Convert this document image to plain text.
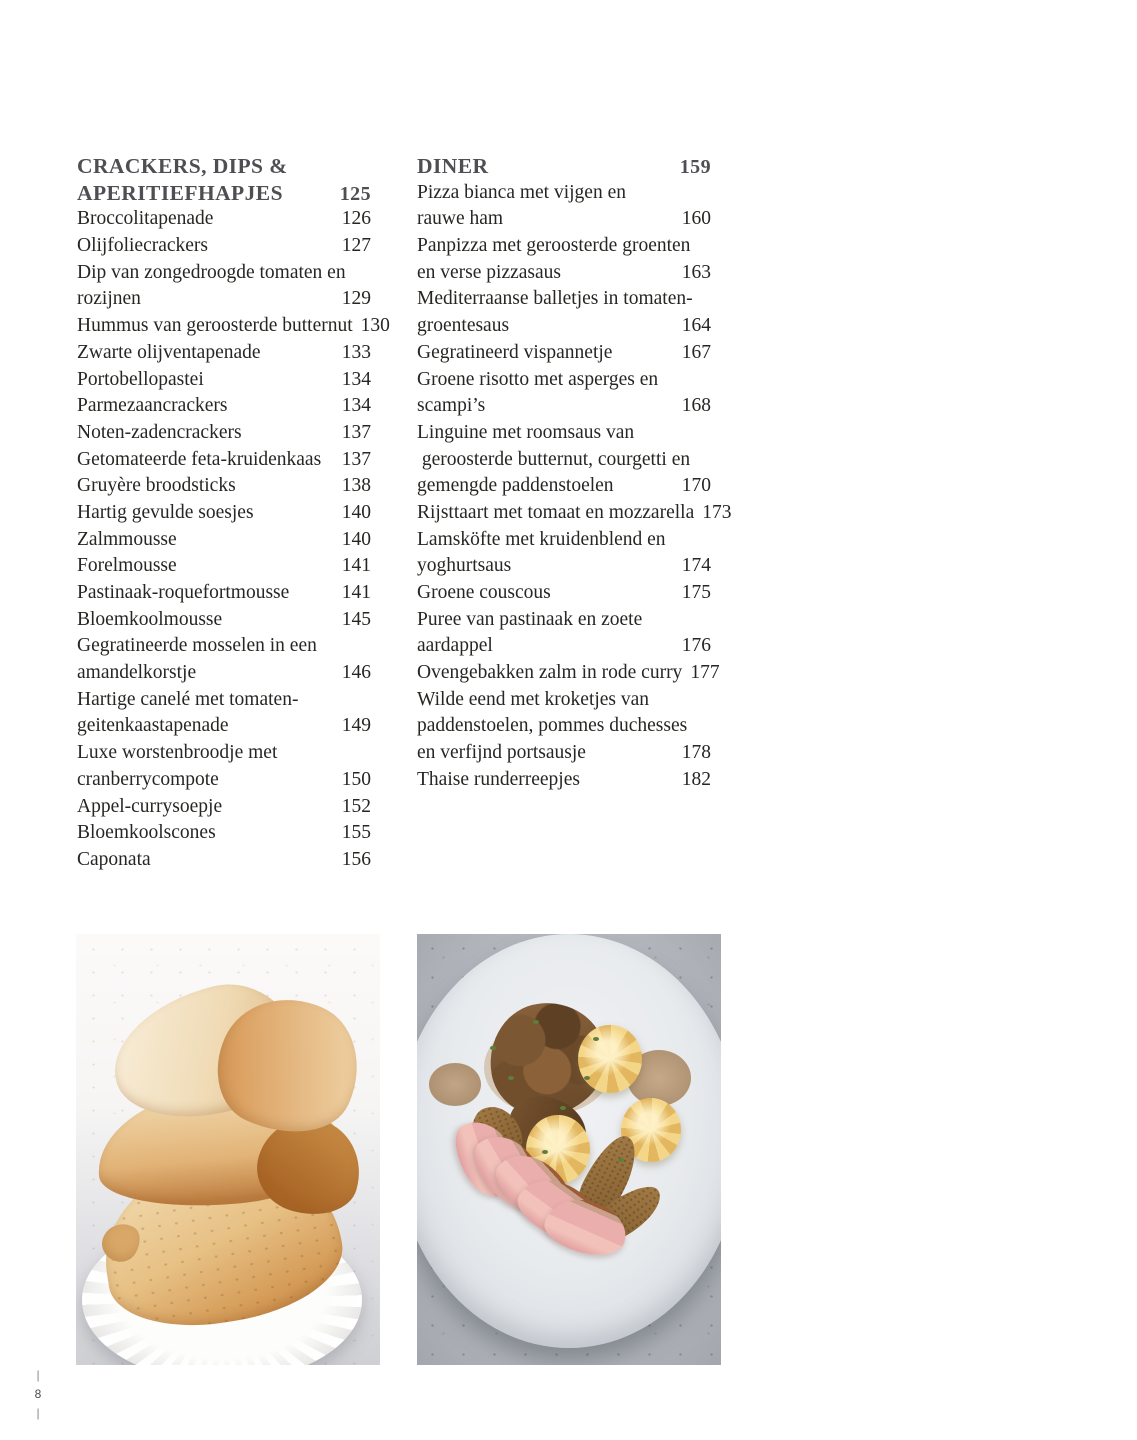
CRACKERS, DIPS &
APERITIEFHAPJES	125
Broccolitapenade	126
Olijfoliecrackers	127
Dip van zongedroogde tomaten en
rozijnen	129
Hummus van geroosterde butternut 130
Zwarte olijventapenade	133
Portobellopastei	134
Parmezaancrackers	134
Noten-zadencrackers	137
Getomateerde feta-kruidenkaas 137
Gruyère broodsticks	138
Hartig gevulde soesjes	140
Zalmmousse	140
Forelmousse	141
Pastinaak-roquefortmousse	141
Bloemkoolmousse	145
Gegratineerde mosselen in een
amandelkorstje	146
Hartige canelé met tomaten-
geitenkaastapenade	149
Luxe worstenbroodje met
cranberrycompote	150
Appel-currysoepje	152
Bloemkoolscones	155
Caponata	156
DINER	159
Pizza bianca met vijgen en
rauwe ham	160
Panpizza met geroosterde groenten
en verse pizzasaus	163
Mediterraanse balletjes in tomaten-
groentesaus	164
Gegratineerd vispannetje	167
Groene risotto met asperges en
scampi’s	168
Linguine met roomsaus van
geroosterde butternut, courgetti en
gemengde paddenstoelen	170
Rijsttaart met tomaat en mozzarella 173
Lamsköfte met kruidenblend en
yoghurtsaus	174
Groene couscous	175
Puree van pastinaak en zoete
aardappel	176
Ovengebakken zalm in rode curry 177
Wilde eend met kroketjes van
paddenstoelen, pommes duchesses
en verfijnd portsausje	178
Thaise runderreepjes	182
|
8
|
